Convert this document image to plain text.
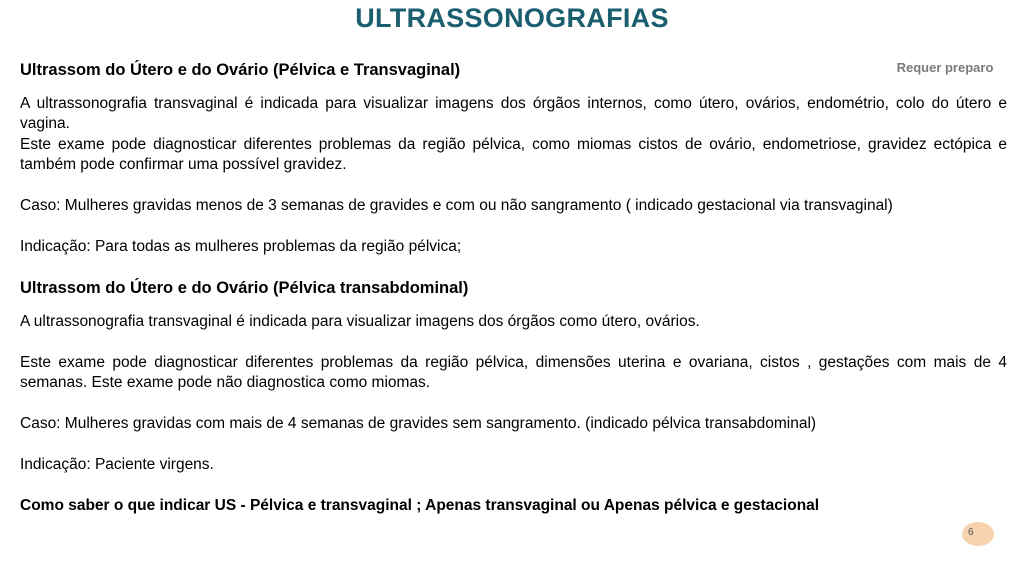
ULTRASSONOGRAFIAS
Requer preparo

Ultrassom do Útero e do Ovário (Pélvica e Transvaginal)

A ultrassonografia transvaginal é indicada para visualizar imagens dos órgãos internos, como útero, ovários, endométrio, colo do útero e vagina.

Este exame pode diagnosticar diferentes problemas da região pélvica, como miomas cistos de ovário, endometriose, gravidez ectópica e também pode confirmar uma possível gravidez.

Caso: Mulheres gravidas menos de 3 semanas de gravides e com ou não sangramento ( indicado gestacional via transvaginal)

Indicação: Para todas as mulheres problemas da região pélvica;

Ultrassom do Útero e do Ovário (Pélvica transabdominal)

A ultrassonografia transvaginal é indicada para visualizar imagens dos órgãos como útero, ovários.

Este exame pode diagnosticar diferentes problemas da região pélvica, dimensões uterina e ovariana, cistos , gestações com mais de 4 semanas. Este exame pode não diagnostica como miomas.

Caso: Mulheres gravidas com mais de 4 semanas de gravides sem sangramento. (indicado pélvica transabdominal)

Indicação: Paciente virgens.

Como saber o que indicar US - Pélvica e transvaginal ; Apenas transvaginal ou Apenas pélvica e gestacional

6
